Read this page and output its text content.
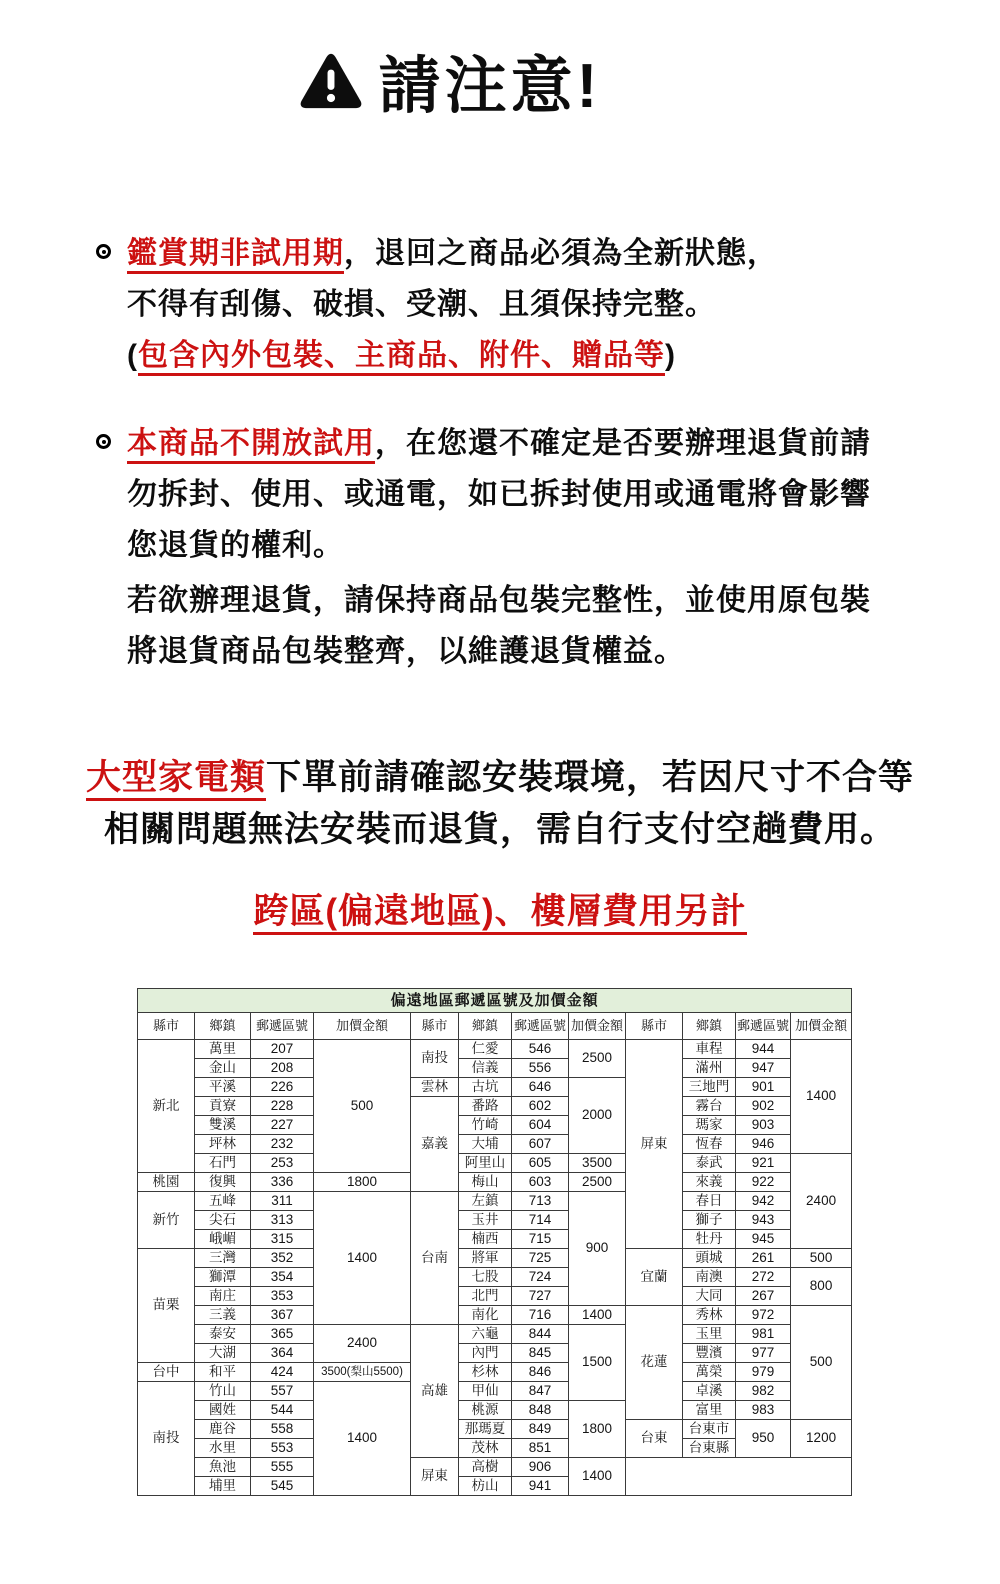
請注意!
鑑賞期非試用期，退回之商品必須為全新狀態，
不得有刮傷、破損、受潮、且須保持完整。
(包含內外包裝、主商品、附件、贈品等)
本商品不開放試用，在您還不確定是否要辦理退貨前請
勿拆封、使用、或通電，如已拆封使用或通電將會影響
您退貨的權利。
若欲辦理退貨，請保持商品包裝完整性，並使用原包裝
將退貨商品包裝整齊，以維護退貨權益。
大型家電類下單前請確認安裝環境，若因尺寸不合等
相關問題無法安裝而退貨，需自行支付空趟費用。
跨區(偏遠地區)、樓層費用另計
偏遠地區郵遞區號及加價金額											
縣市	鄉鎮	郵遞區號	加價金額	縣市	鄉鎮	郵遞區號	加價金額	縣市	鄉鎮	郵遞區號	加價金額
新北	萬里	207	500	南投	仁愛	546	2500	屏東	車程	944	1400
	金山	208			信義	556			滿州	947	
	平溪	226		雲林	古坑	646	2000		三地門	901	
	貢寮	228		嘉義	番路	602			霧台	902	
	雙溪	227			竹崎	604			瑪家	903	
	坪林	232			大埔	607			恆春	946	
	石門	253			阿里山	605	3500		泰武	921	2400
桃園	復興	336	1800		梅山	603	2500		來義	922	
新竹	五峰	311	1400	台南	左鎮	713	900		春日	942	
	尖石	313			玉井	714			獅子	943	
	峨嵋	315			楠西	715			牡丹	945	
苗栗	三灣	352			將軍	725		宜蘭	頭城	261	500
	獅潭	354			七股	724			南澳	272	800
	南庄	353			北門	727			大同	267	
	三義	367			南化	716	1400	花蓮	秀林	972	500
	泰安	365	2400	高雄	六龜	844	1500		玉里	981	
	大湖	364			內門	845			豐濱	977	
台中	和平	424	3500(梨山5500)		杉林	846			萬榮	979	
南投	竹山	557	1400		甲仙	847			卓溪	982	
	國姓	544			桃源	848	1800		富里	983	
	鹿谷	558			那瑪夏	849		台東	台東市	950	1200
	水里	553			茂林	851			台東縣		
	魚池	555		屏東	高樹	906	1400				
	埔里	545			枋山	941					
